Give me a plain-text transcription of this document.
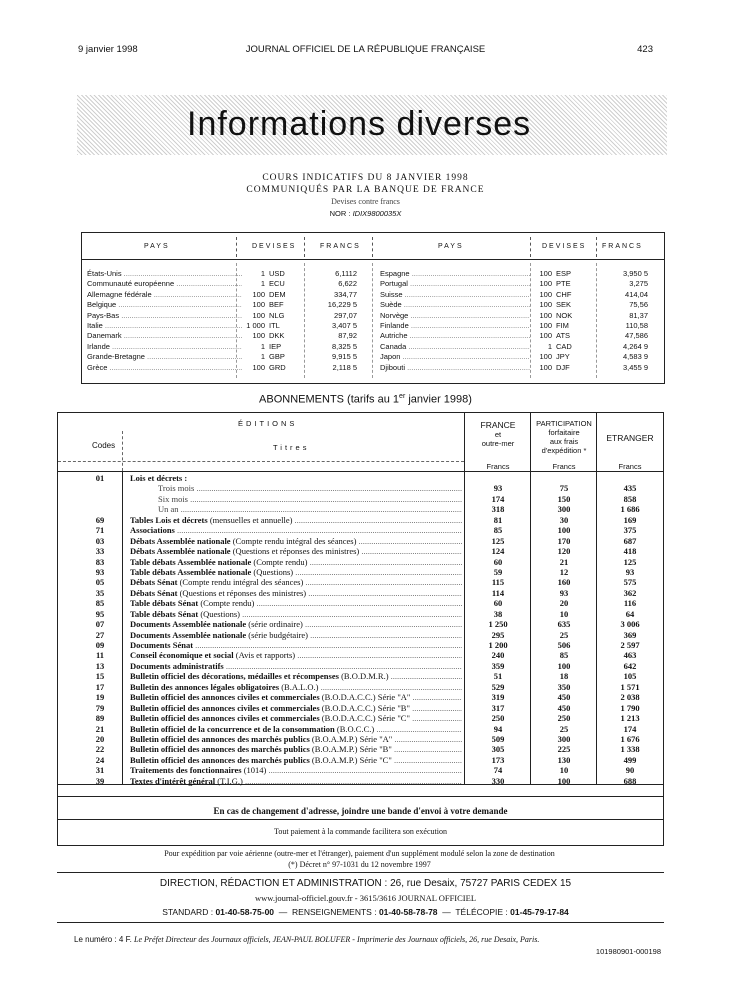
9 janvier 1998	JOURNAL OFFICIEL DE LA RÉPUBLIQUE FRANÇAISE	423
Informations diverses
COURS INDICATIFS DU 8 JANVIER 1998
COMMUNIQUÉS PAR LA BANQUE DE FRANCE
Devises contre francs
NOR : IDIX9800035X
PAYS	DEVISES	FRANCS	PAYS	DEVISES FRANCS
États-Unis .....	1 USD	6,1112	Espagne .....	100 ESP	3,950 5
Communauté européenne .....	1 ECU	6,622	Portugal .....	100 PTE	3,275
Allemagne fédérale .....	100 DEM	334,77	Suisse .....	100 CHF	414,04
Belgique .....	100 BEF	16,229 5	Suède .....	100 SEK	75,56
Pays-Bas .....	100 NLG	297,07	Norvège .....	100 NOK	81,37
Italie .....	1 000 ITL	3,407 5	Finlande .....	100 FIM	110,58
Danemark .....	100 DKK	87,92	Autriche .....	100 ATS	47,586
Irlande .....	1 IEP	8,325 5	Canada .....	1 CAD	4,264 9
Grande-Bretagne .....	1 GBP	9,915 5	Japon .....	100 JPY	4,583 9
Grèce .....	100 GRD	2,118 5	Djibouti .....	100 DJF	3,455 9
ABONNEMENTS (tarifs au 1er janvier 1998)
ÉDITIONS
Codes	Titres
FRANCE
et
outre-mer
PARTICIPATION
forfaitaire
aux frais
d'expédition *
ETRANGER
Francs	Francs	Francs
01	Lois et décrets :
Trois mois .....	93	75	435
Six mois .....	174	150	858
Un an .....	318	300	1 686
69	Tables Lois et décrets (mensuelles et annuelle) .....	81	30	169
71	Associations .....	85	100	375
03	Débats Assemblée nationale (Compte rendu intégral des séances) .....	125	170	687
33	Débats Assemblée nationale (Questions et réponses des ministres) .....	124	120	418
83	Table débats Assemblée nationale (Compte rendu) .....	60	21	125
93	Table débats Assemblée nationale (Questions) .....	59	12	93
05	Débats Sénat (Compte rendu intégral des séances) .....	115	160	575
35	Débats Sénat (Questions et réponses des ministres) .....	114	93	362
85	Table débats Sénat (Compte rendu) .....	60	20	116
95	Table débats Sénat (Questions) .....	38	10	64
07	Documents Assemblée nationale (série ordinaire) .....	1 250	635	3 006
27	Documents Assemblée nationale (série budgétaire) .....	295	25	369
09	Documents Sénat .....	1 200	506	2 597
11	Conseil économique et social (Avis et rapports) .....	240	85	463
13	Documents administratifs .....	359	100	642
15	Bulletin officiel des décorations, médailles et récompenses (B.O.D.M.R.) .....	51	18	105
17	Bulletin des annonces légales obligatoires (B.A.L.O.) .....	529	350	1 571
19	Bulletin officiel des annonces civiles et commerciales (B.O.D.A.C.C.) Série "A" .....	319	450	2 038
79	Bulletin officiel des annonces civiles et commerciales (B.O.D.A.C.C.) Série "B" .....	317	450	1 790
89	Bulletin officiel des annonces civiles et commerciales (B.O.D.A.C.C.) Série "C" .....	250	250	1 213
21	Bulletin officiel de la concurrence et de la consommation (B.O.C.C.) .....	94	25	174
20	Bulletin officiel des annonces des marchés publics (B.O.A.M.P.) Série "A" .....	509	300	1 676
22	Bulletin officiel des annonces des marchés publics (B.O.A.M.P.) Série "B" .....	305	225	1 338
24	Bulletin officiel des annonces des marchés publics (B.O.A.M.P.) Série "C" .....	173	130	499
31	Traitements des fonctionnaires (1014) .....	74	10	90
39	Textes d'intérêt général (T.I.G.) .....	330	100	688
En cas de changement d'adresse, joindre une bande d'envoi à votre demande
Tout paiement à la commande facilitera son exécution
Pour expédition par voie aérienne (outre-mer et l'étranger), paiement d'un supplément modulé selon la zone de destination
(*) Décret n° 97-1031 du 12 novembre 1997
DIRECTION, RÉDACTION ET ADMINISTRATION : 26, rue Desaix, 75727 PARIS CEDEX 15
www.journal-officiel.gouv.fr - 3615/3616 JOURNAL OFFICIEL
STANDARD : 01-40-58-75-00 — RENSEIGNEMENTS : 01-40-58-78-78 — TÉLÉCOPIE : 01-45-79-17-84
Le numéro : 4 F. Le Préfet Directeur des Journaux officiels, JEAN-PAUL BOLUFER - Imprimerie des Journaux officiels, 26, rue Desaix, Paris.
101980901-000198
